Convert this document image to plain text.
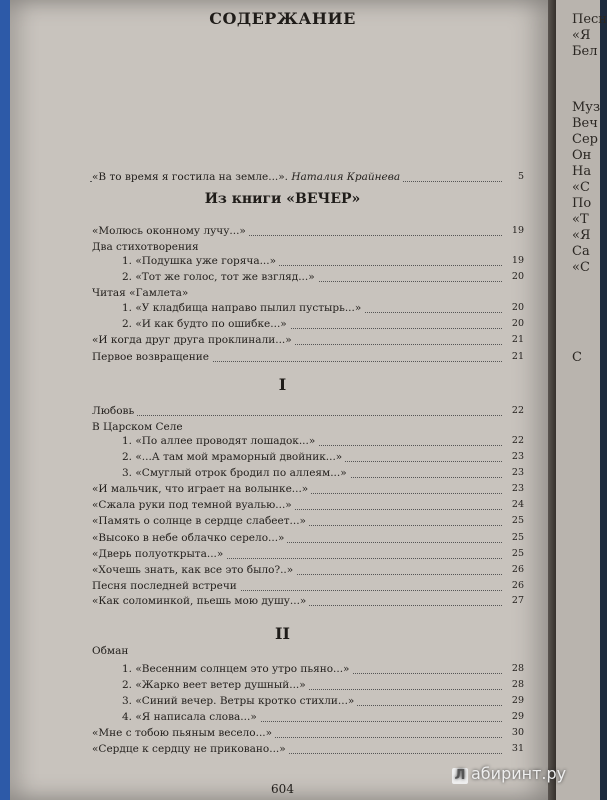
СОДЕРЖАНИЕ
«В то время я гостила на земле...». Наталия Крайнева	5
Из книги «ВЕЧЕР»
I
II
604
«Молюсь оконному лучу...»	19
Два стихотворения
1. «Подушка уже горяча...»	19
2. «Тот же голос, тот же взгляд...»	20
Читая «Гамлета»
1. «У кладбища направо пылил пустырь...»	20
2. «И как будто по ошибке...»	20
«И когда друг друга проклинали...»	21
Первое возвращение	21
Любовь	22
В Царском Селе
1. «По аллее проводят лошадок...»	22
2. «...А там мой мраморный двойник...»	23
3. «Смуглый отрок бродил по аллеям...»	23
«И мальчик, что играет на волынке...»	23
«Сжала руки под темной вуалью...»	24
«Память о солнце в сердце слабеет...»	25
«Высоко в небе облачко серело...»	25
«Дверь полуоткрыта...»	25
«Хочешь знать, как все это было?..»	26
Песня последней встречи	26
«Как соломинкой, пьешь мою душу...»	27
Обман
1. «Весенним солнцем это утро пьяно...»	28
2. «Жарко веет ветер душный...»	28
3. «Синий вечер. Ветры кротко стихли...»	29
4. «Я написала слова...»	29
«Мне с тобою пьяным весело...»	30
«Сердце к сердцу не приковано...»	31
Песн
«Я
Бел
Муз
Веч
Сер
Он
На
«С
По
«Т
«Я
Са
«С
С
Л абиринт.ру
